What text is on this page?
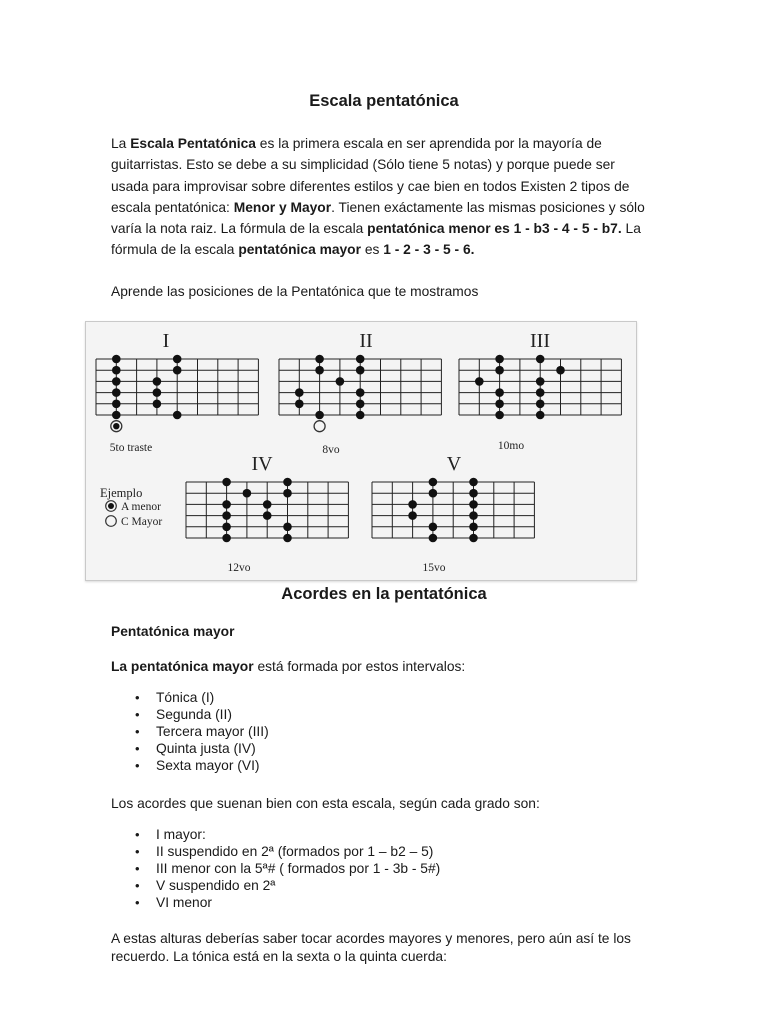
Escala pentatónica
La Escala Pentatónica es la primera escala en ser aprendida por la mayoría de guitarristas. Esto se debe a su simplicidad (Sólo tiene 5 notas) y porque puede ser usada para improvisar sobre diferentes estilos y cae bien en todos Existen 2 tipos de escala pentatónica: Menor y Mayor. Tienen exáctamente las mismas posiciones y sólo varía la nota raiz. La fórmula de la escala pentatónica menor es 1 - b3 - 4 - 5 - b7. La fórmula de la escala pentatónica mayor es 1 - 2 - 3 - 5 - 6.
Aprende las posiciones de la Pentatónica que te mostramos
I
5to traste
II
8vo
III
10mo
IV
12vo
V
15vo
Ejemplo
A menor
C Mayor
Acordes en la pentatónica
Pentatónica mayor
La pentatónica mayor está formada por estos intervalos:
• Tónica (I)
• Segunda (II)
• Tercera mayor (III)
• Quinta justa (IV)
• Sexta mayor (VI)
Los acordes que suenan bien con esta escala, según cada grado son:
• I mayor:
• II suspendido en 2ª (formados por 1 – b2 – 5)
• III menor con la 5ª# ( formados por 1 - 3b - 5#)
• V suspendido en 2ª
• VI menor
A estas alturas deberías saber tocar acordes mayores y menores, pero aún así te los recuerdo. La tónica está en la sexta o la quinta cuerda:
